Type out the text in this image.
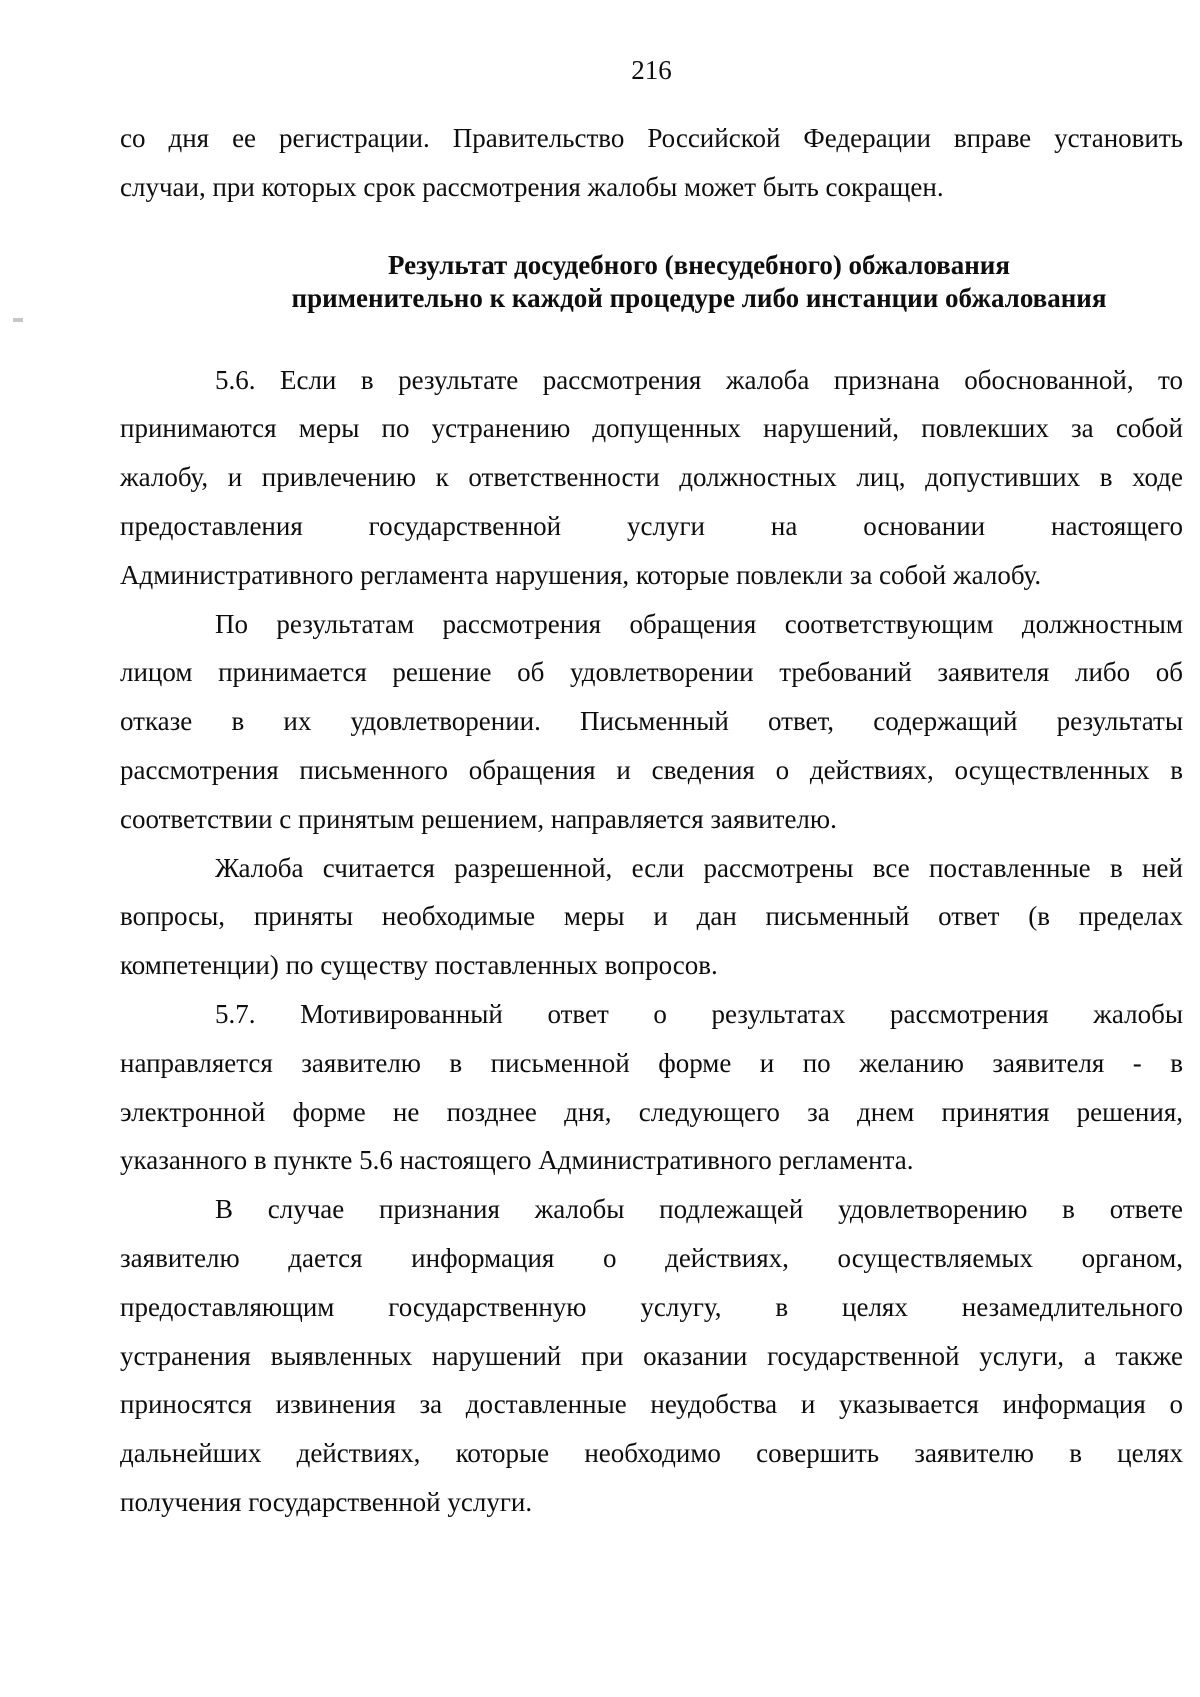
216
со дня ее регистрации. Правительство Российской Федерации вправе установить
случаи, при которых срок рассмотрения жалобы может быть сокращен.
Результат досудебного (внесудебного) обжалования
применительно к каждой процедуре либо инстанции обжалования
5.6. Если в результате рассмотрения жалоба признана обоснованной, то
принимаются меры по устранению допущенных нарушений, повлекших за собой
жалобу, и привлечению к ответственности должностных лиц, допустивших в ходе
предоставления государственной услуги на основании настоящего
Административного регламента нарушения, которые повлекли за собой жалобу.
По результатам рассмотрения обращения соответствующим должностным
лицом принимается решение об удовлетворении требований заявителя либо об
отказе в их удовлетворении. Письменный ответ, содержащий результаты
рассмотрения письменного обращения и сведения о действиях, осуществленных в
соответствии с принятым решением, направляется заявителю.
Жалоба считается разрешенной, если рассмотрены все поставленные в ней
вопросы, приняты необходимые меры и дан письменный ответ (в пределах
компетенции) по существу поставленных вопросов.
5.7. Мотивированный ответ о результатах рассмотрения жалобы
направляется заявителю в письменной форме и по желанию заявителя - в
электронной форме не позднее дня, следующего за днем принятия решения,
указанного в пункте 5.6 настоящего Административного регламента.
В случае признания жалобы подлежащей удовлетворению в ответе
заявителю дается информация о действиях, осуществляемых органом,
предоставляющим государственную услугу, в целях незамедлительного
устранения выявленных нарушений при оказании государственной услуги, а также
приносятся извинения за доставленные неудобства и указывается информация о
дальнейших действиях, которые необходимо совершить заявителю в целях
получения государственной услуги.
